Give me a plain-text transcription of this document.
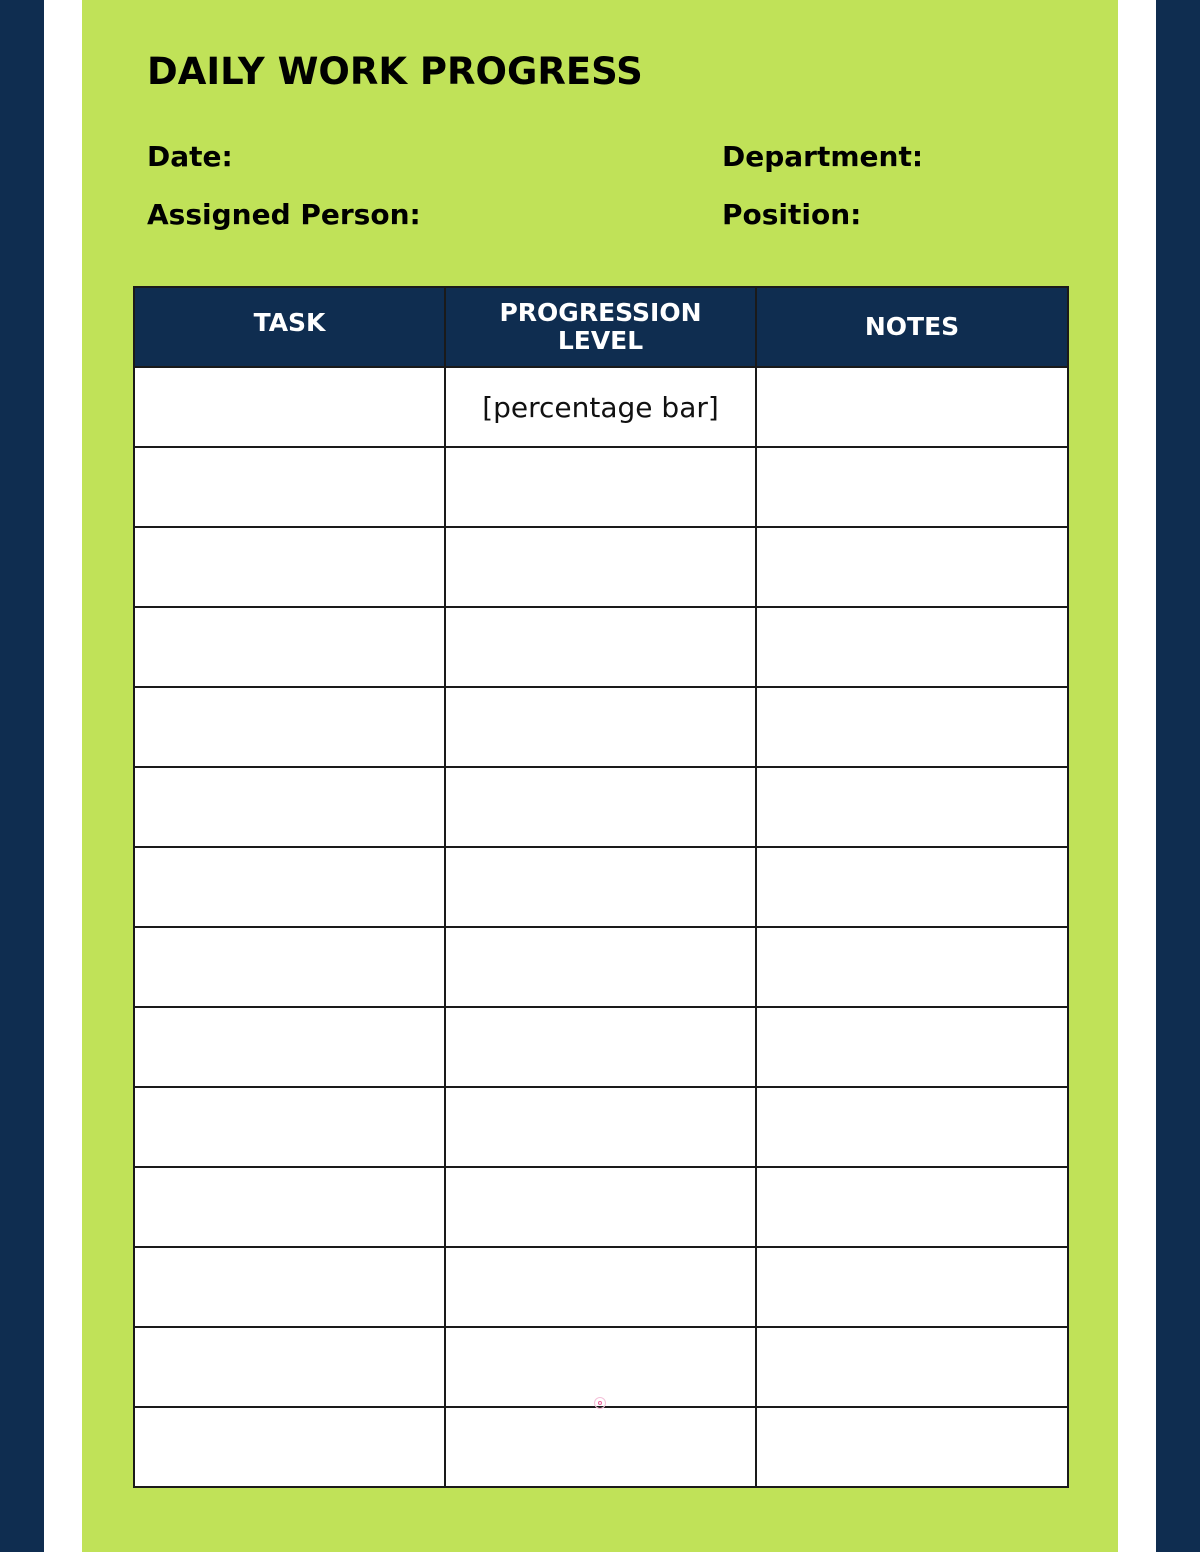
DAILY WORK PROGRESS

Date:

Assigned Person:

Department:

Position:

TASK	PROGRESSION LEVEL	NOTES
	[percentage bar]	
